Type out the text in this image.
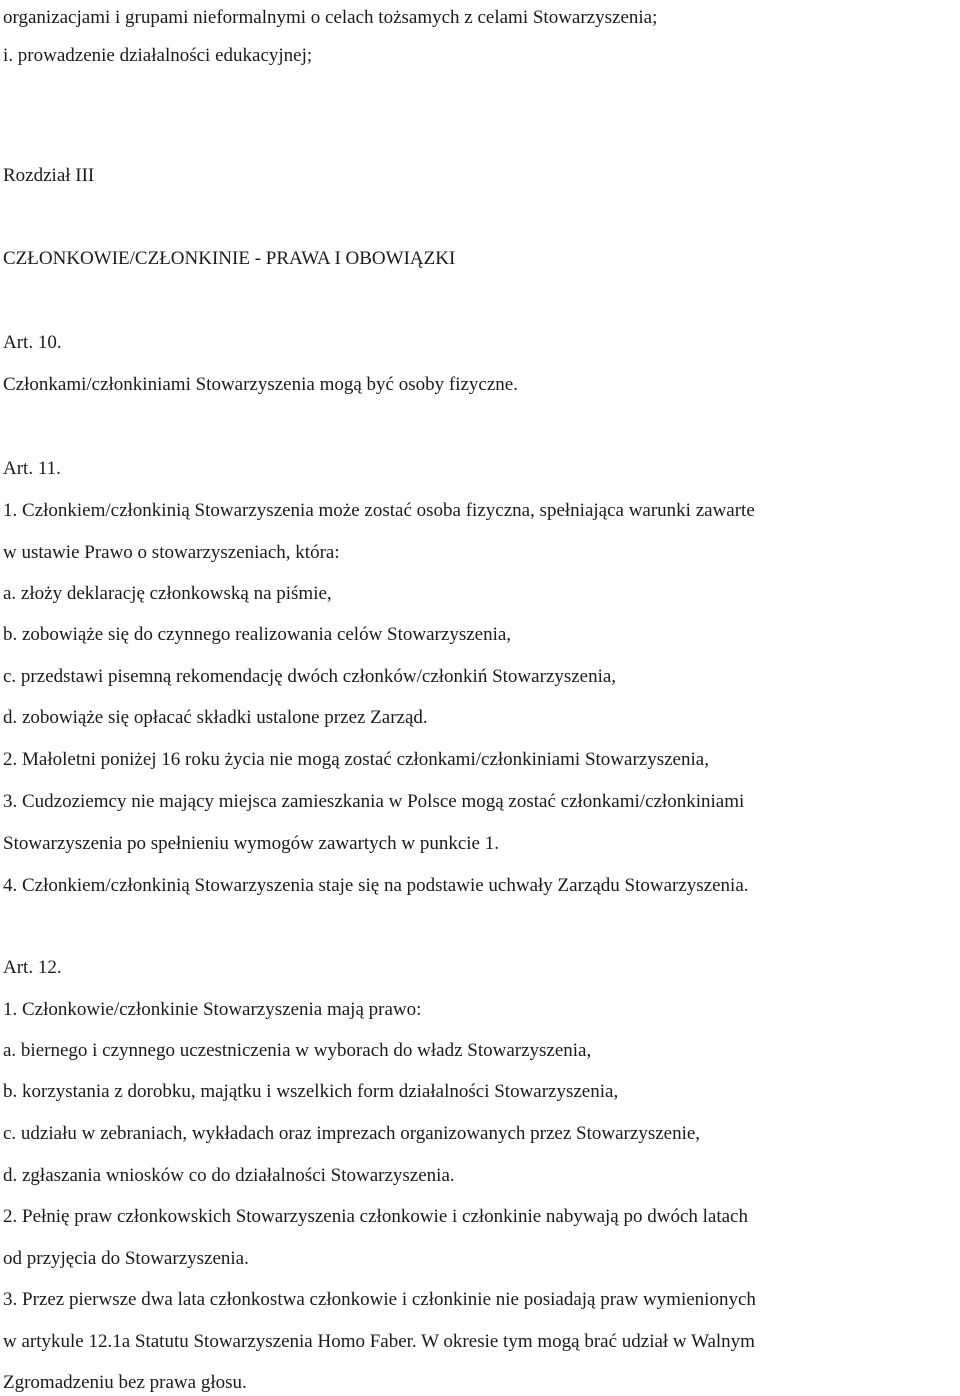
organizacjami i grupami nieformalnymi o celach tożsamych z celami Stowarzyszenia;

i. prowadzenie działalności edukacyjnej;

Rozdział III

CZŁONKOWIE/CZŁONKINIE - PRAWA I OBOWIĄZKI

Art. 10.

Członkami/członkiniami Stowarzyszenia mogą być osoby fizyczne.

Art. 11.

1. Członkiem/członkinią Stowarzyszenia może zostać osoba fizyczna, spełniająca warunki zawarte

w ustawie Prawo o stowarzyszeniach, która:

a. złoży deklarację członkowską na piśmie,

b. zobowiąże się do czynnego realizowania celów Stowarzyszenia,

c. przedstawi pisemną rekomendację dwóch członków/członkiń Stowarzyszenia,

d. zobowiąże się opłacać składki ustalone przez Zarząd.

2. Małoletni poniżej 16 roku życia nie mogą zostać członkami/członkiniami Stowarzyszenia,

3. Cudzoziemcy nie mający miejsca zamieszkania w Polsce mogą zostać członkami/członkiniami

Stowarzyszenia po spełnieniu wymogów zawartych w punkcie 1.

4. Członkiem/członkinią Stowarzyszenia staje się na podstawie uchwały Zarządu Stowarzyszenia.

Art. 12.

1. Członkowie/członkinie Stowarzyszenia mają prawo:

a. biernego i czynnego uczestniczenia w wyborach do władz Stowarzyszenia,

b. korzystania z dorobku, majątku i wszelkich form działalności Stowarzyszenia,

c. udziału w zebraniach, wykładach oraz imprezach organizowanych przez Stowarzyszenie,

d. zgłaszania wniosków co do działalności Stowarzyszenia.

2. Pełnię praw członkowskich Stowarzyszenia członkowie i członkinie nabywają po dwóch latach

od przyjęcia do Stowarzyszenia.

3. Przez pierwsze dwa lata członkostwa członkowie i członkinie nie posiadają praw wymienionych

w artykule 12.1a Statutu Stowarzyszenia Homo Faber. W okresie tym mogą brać udział w Walnym

Zgromadzeniu bez prawa głosu.
